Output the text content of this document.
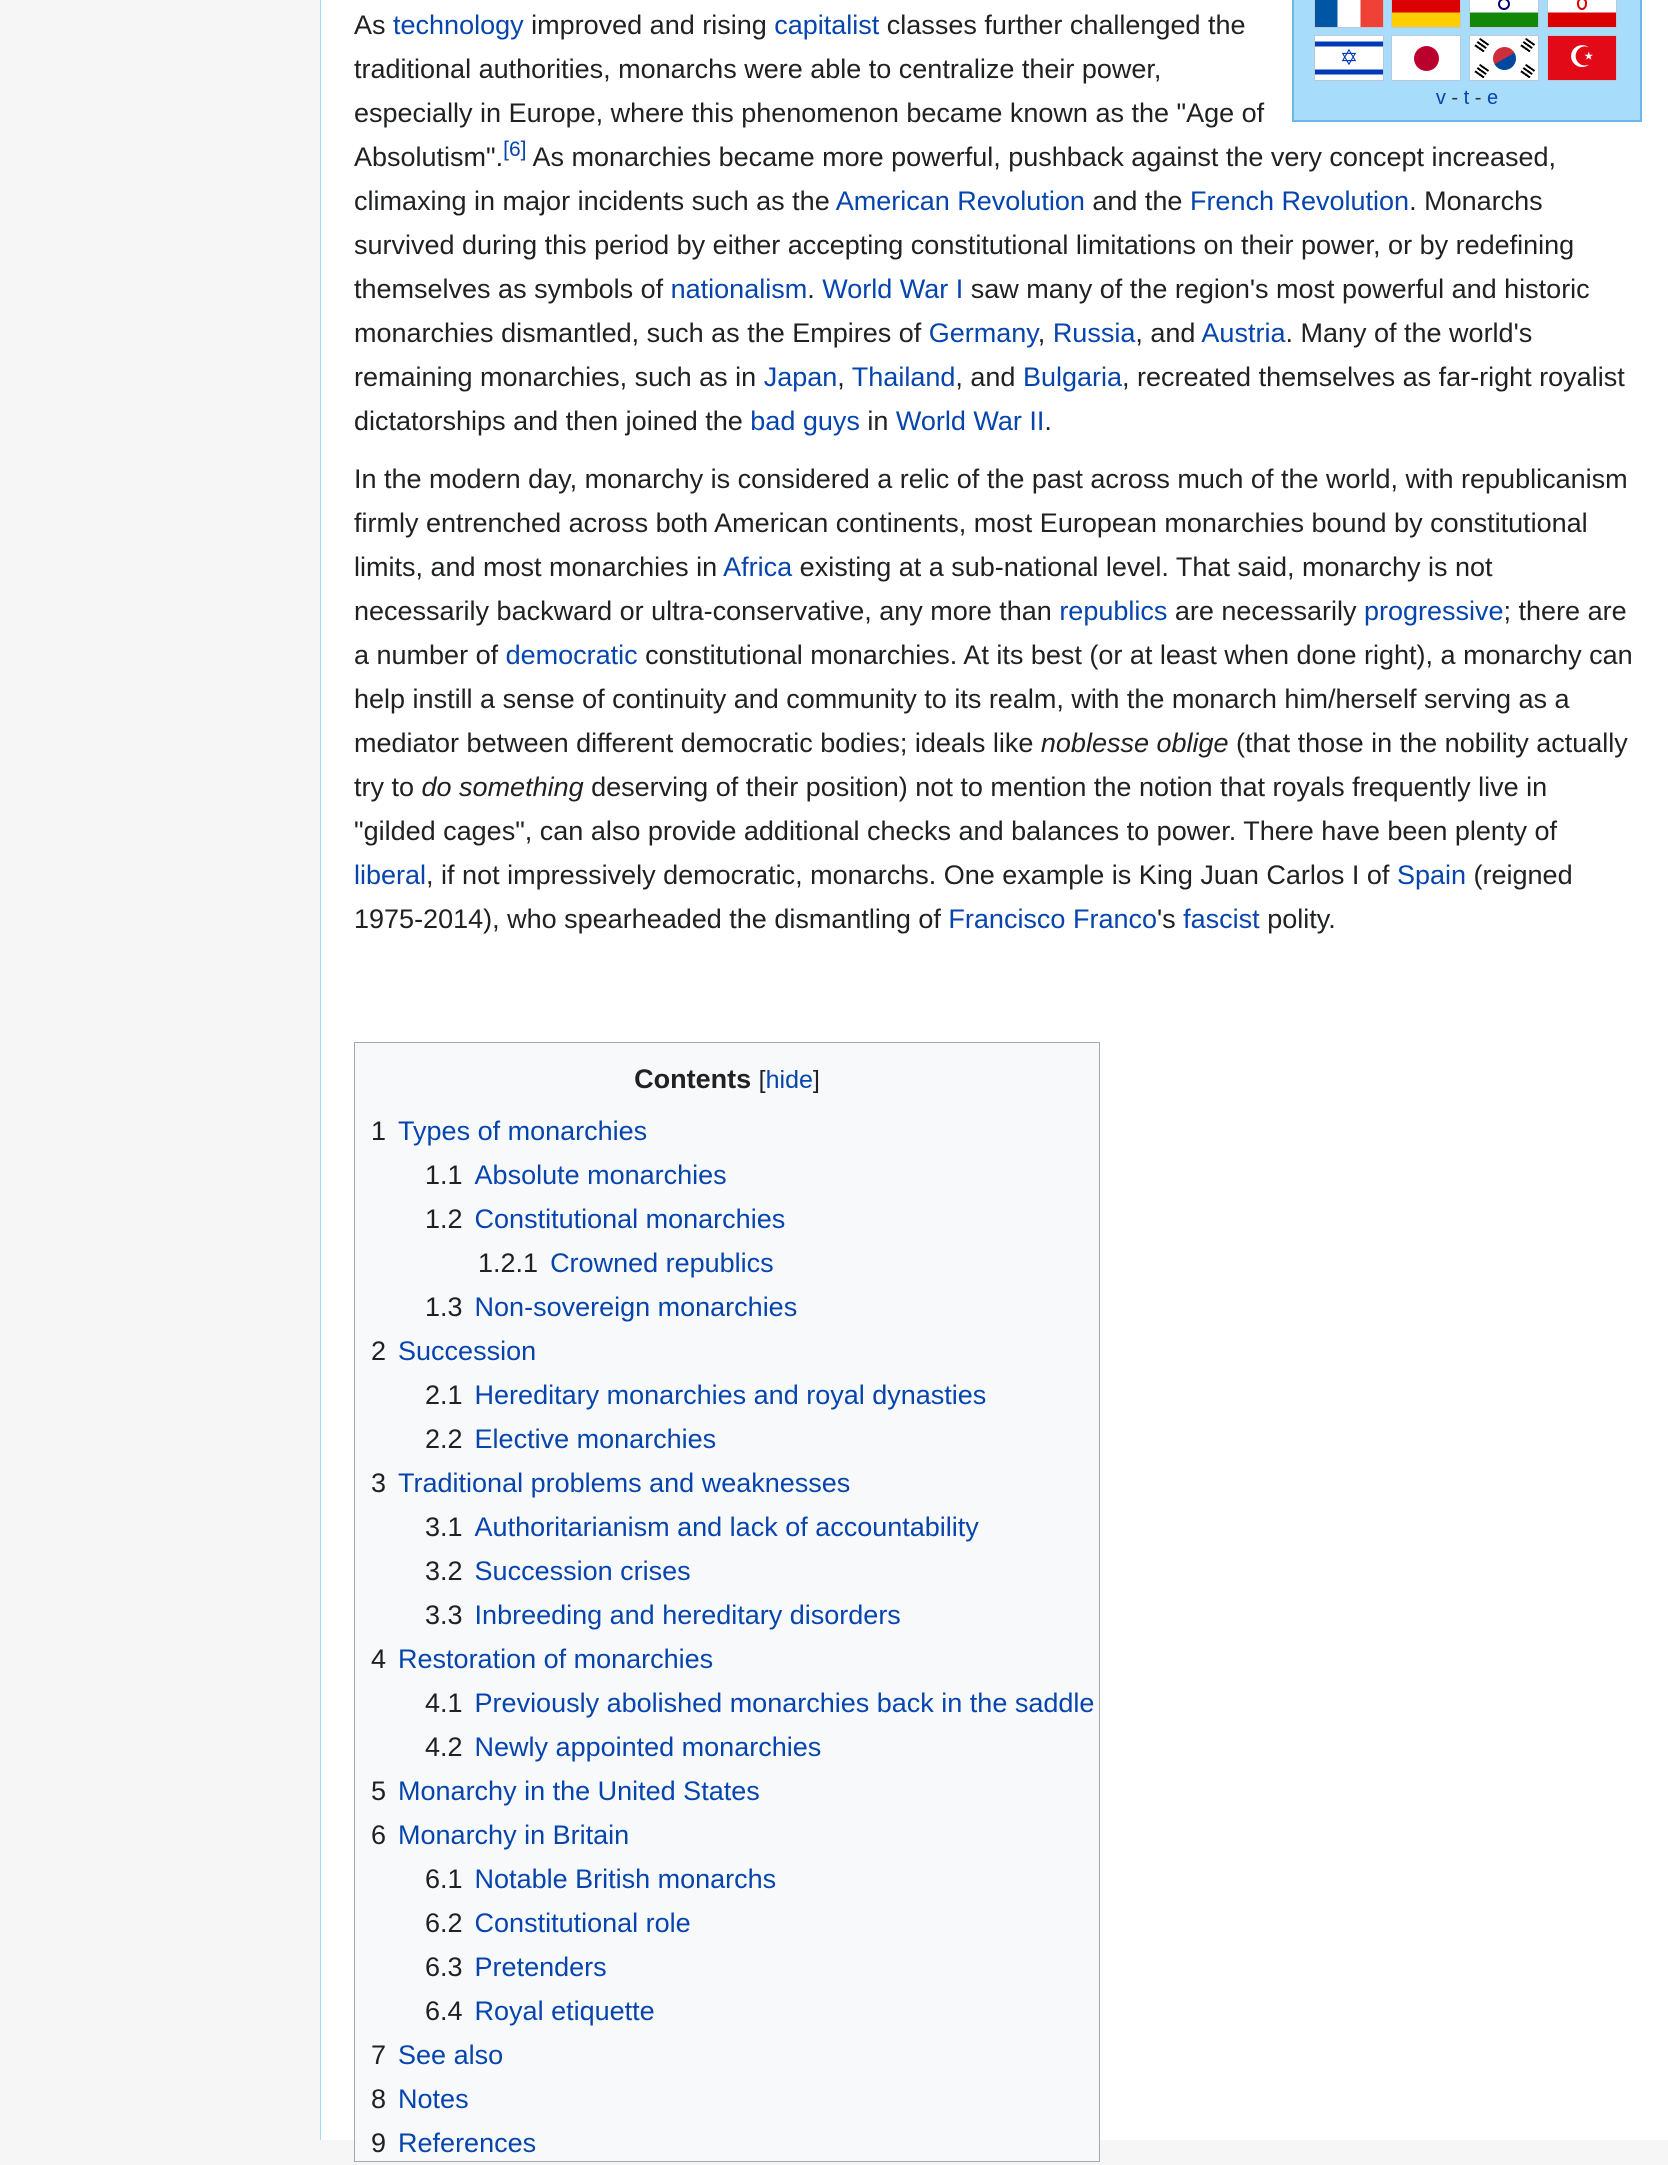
✡	☪
v - t - e

As technology improved and rising capitalist classes further challenged the traditional authorities, monarchs were able to centralize their power, especially in Europe, where this phenomenon became known as the "Age of Absolutism".[6] As monarchies became more powerful, pushback against the very concept increased, climaxing in major incidents such as the American Revolution and the French Revolution. Monarchs survived during this period by either accepting constitutional limitations on their power, or by redefining themselves as symbols of nationalism. World War I saw many of the region's most powerful and historic monarchies dismantled, such as the Empires of Germany, Russia, and Austria. Many of the world's remaining monarchies, such as in Japan, Thailand, and Bulgaria, recreated themselves as far-right royalist dictatorships and then joined the bad guys in World War II.

In the modern day, monarchy is considered a relic of the past across much of the world, with republicanism firmly entrenched across both American continents, most European monarchies bound by constitutional limits, and most monarchies in Africa existing at a sub-national level. That said, monarchy is not necessarily backward or ultra-conservative, any more than republics are necessarily progressive; there are a number of democratic constitutional monarchies. At its best (or at least when done right), a monarchy can help instill a sense of continuity and community to its realm, with the monarch him/herself serving as a mediator between different democratic bodies; ideals like noblesse oblige (that those in the nobility actually try to do something deserving of their position) not to mention the notion that royals frequently live in "gilded cages", can also provide additional checks and balances to power. There have been plenty of liberal, if not impressively democratic, monarchs. One example is King Juan Carlos I of Spain (reigned 1975-2014), who spearheaded the dismantling of Francisco Franco's fascist polity.

Contents [hide]
1 Types of monarchies
1.1 Absolute monarchies
1.2 Constitutional monarchies
1.2.1 Crowned republics
1.3 Non-sovereign monarchies
2 Succession
2.1 Hereditary monarchies and royal dynasties
2.2 Elective monarchies
3 Traditional problems and weaknesses
3.1 Authoritarianism and lack of accountability
3.2 Succession crises
3.3 Inbreeding and hereditary disorders
4 Restoration of monarchies
4.1 Previously abolished monarchies back in the saddle
4.2 Newly appointed monarchies
5 Monarchy in the United States
6 Monarchy in Britain
6.1 Notable British monarchs
6.2 Constitutional role
6.3 Pretenders
6.4 Royal etiquette
7 See also
8 Notes
9 References
